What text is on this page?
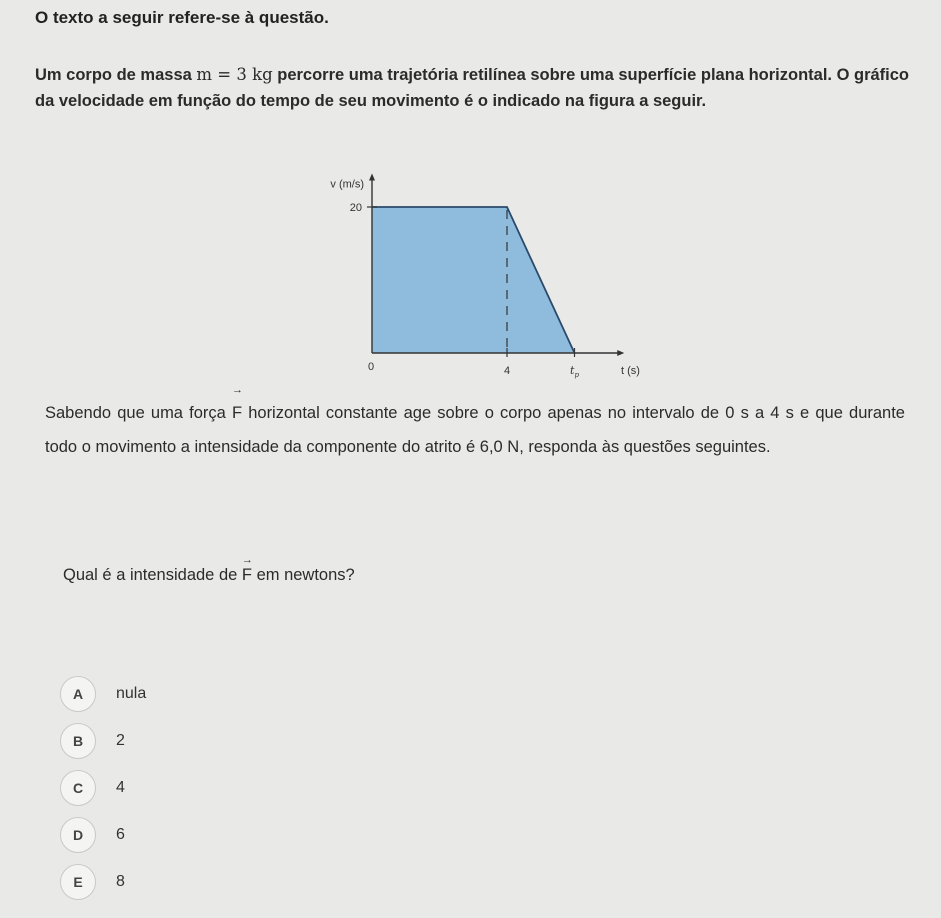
O texto a seguir refere-se à questão.
Um corpo de massa m = 3 kg percorre uma trajetória retilínea sobre uma superfície plana horizontal. O gráfico da velocidade em função do tempo de seu movimento é o indicado na figura a seguir.
v (m/s)
20
0	4	$t_p$	t (s)
Sabendo que uma força → F horizontal constante age sobre o corpo apenas no intervalo de 0 s a 4 s e que durante todo o movimento a intensidade da componente do atrito é 6,0 N, responda às questões seguintes.
Qual é a intensidade de → F em newtons?
A	nula
B	2
C	4
D	6
E	8
